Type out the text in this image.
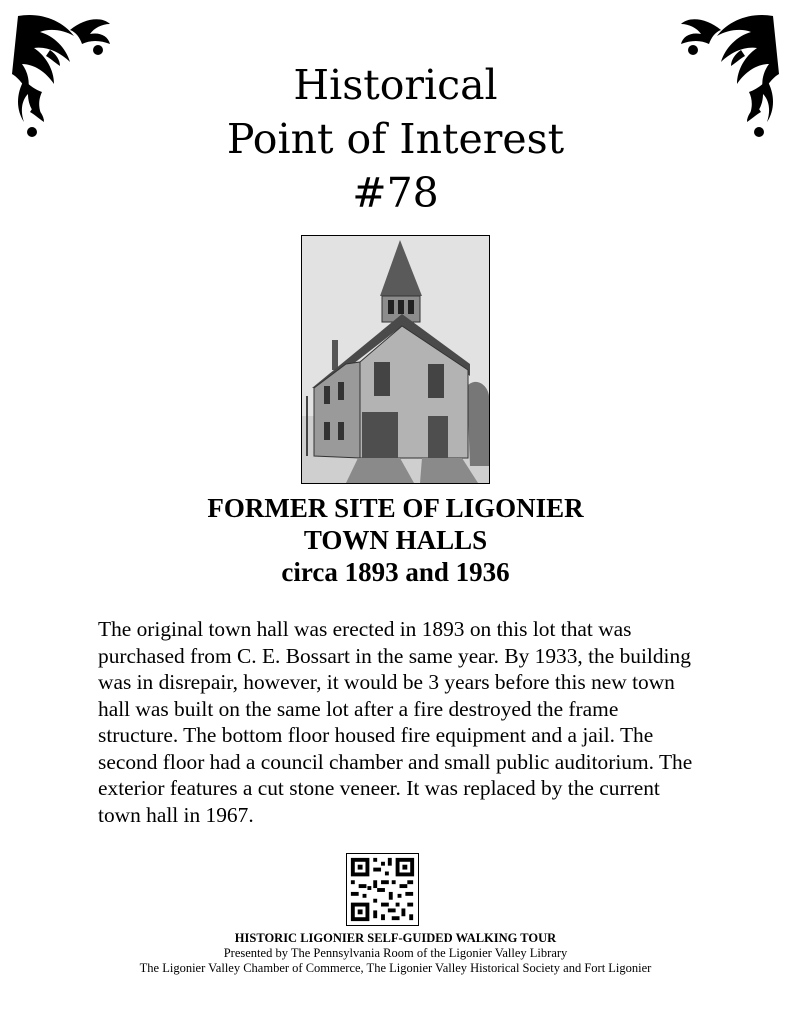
Historical
Point of Interest
#78
FORMER SITE OF LIGONIER
TOWN HALLS
circa 1893 and 1936
The original town hall was erected in 1893 on this lot that was purchased from C. E. Bossart in the same year. By 1933, the building was in disrepair, however, it would be 3 years before this new town hall was built on the same lot after a fire destroyed the frame structure. The bottom floor housed fire equipment and a jail. The second floor had a council chamber and small public auditorium. The exterior features a cut stone veneer. It was replaced by the current town hall in 1967.
HISTORIC LIGONIER SELF-GUIDED WALKING TOUR
Presented by The Pennsylvania Room of the Ligonier Valley Library
The Ligonier Valley Chamber of Commerce, The Ligonier Valley Historical Society and Fort Ligonier
